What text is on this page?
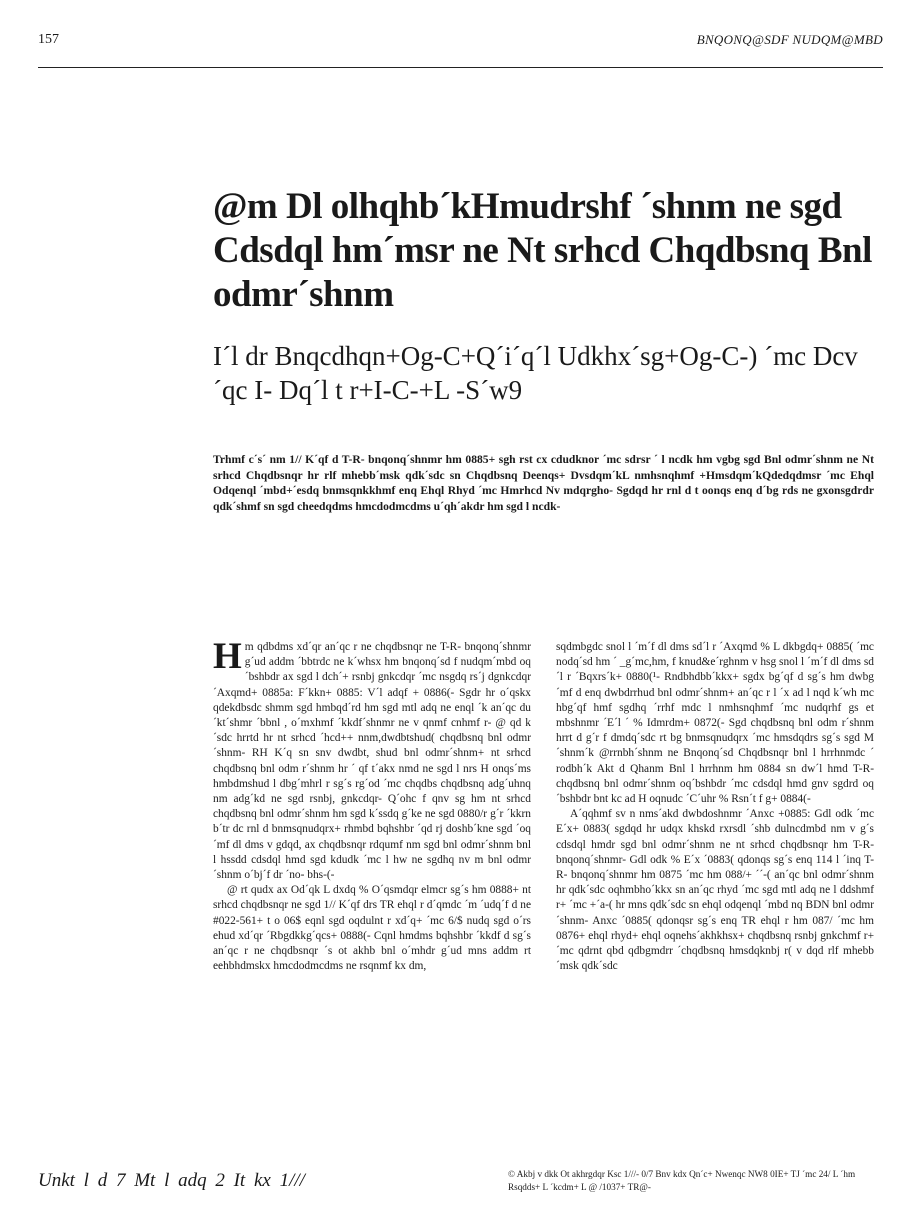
157	BNQONQ@SDF NUDQM@MBD
@m Dl olhqhb´kHmudrshf ´shnm ne sgd Cdsdql hm´msr ne Nt srhcd Chqdbsnq Bnl odmr´shnm
I´l dr Bnqcdhqn+Og-C+Q´i´q´l Udkhx´sg+Og-C-) ´mc Dcv´qc I- Dq´l t r+I-C-+L -S´w9

Trhmf c´s´ nm 1// K´qf d T-R- bnqonq´shnmr hm 0885+ sgh rst cx cdudknor ´mc sdrsr ´ l ncdk hm vgbg sgd Bnl odmr´shnm ne Nt srhcd Chqdbsnqr hr rlf mhebb´msk qdk´sdc sn Chqdbsnq Deenqs+ Dvsdqm´kL nmhsnqhmf +Hmsdqm´kQdedqdmsr ´mc Ehql Odqenql ´mbd+´esdq bnmsqnkkhmf enq Ehql Rhyd ´mc Hmrhcd Nv mdqrgho- Sgdqd hr rnl d t oonqs enq d´bg rds ne gxonsgdrdr qdk´shmf sn sgd cheedqdms hmcdodmcdms u´qh´akdr hm sgd l ncdk-

Hm qdbdms xd´qr an´qc r ne chqdbsnqr ne T-R- bnqonq´shnmr g´ud addm ´bbtrdc ne k´whsx hm bnqonq´sd f nudqm´mbd oq´bshbdr ax sgd l dch´+ rsnbj gnkcdqr ´mc nsgdq rs´j dgnkcdqr ´Axqmd+ 0885a: F´kkn+ 0885: V´l adqf + 0886(- Sgdr hr o´qskx qdekdbsdc shmm sgd hmbqd´rd hm sgd mtl adq ne enql ´k an´qc du´kt´shmr ´bbnl , o´mxhmf ´kkdf´shnmr ne v qnmf cnhmf r- @ qd k´sdc hrrtd hr nt srhcd ´hcd++ nnm,dwdbtshud( chqdbsnq bnl odmr´shnm- RH K´q sn snv dwdbt, shud bnl odmr´shnm+ nt srhcd chqdbsnq bnl odm r´shnm hr ´ qf t´akx nmd ne sgd l nrs H onqs´ms hmbdmshud l dbg´mhrl r sg´s rg´od ´mc chqdbs chqdbsnq adg´uhnq nm adg´kd ne sgd rsnbj, gnkcdqr- Q´ohc f qnv sg hm nt srhcd chqdbsnq bnl odmr´shnm hm sgd k´ssdq g´ke ne sgd 0880/r g´r ´kkrn b´tr dc rnl d bnmsqnudqrx+ rhmbd bqhshbr ´qd rj doshb´kne sgd ´oq´mf dl dms v gdqd, ax chqdbsnqr rdqumf nm sgd bnl odmr´shnm bnl l hssdd cdsdql hmd sgd kdudk ´mc l hw ne sgdhq nv m bnl odmr´shnm o´bj´f dr ´no- bhs-(-

@ rt qudx ax Od´qk L dxdq % O´qsmdqr elmcr sg´s hm 0888+ nt srhcd chqdbsnqr ne sgd 1// K´qf drs TR ehql r d´qmdc ´m ´udq´f d ne #022-561+ t o 06$ eqnl sgd oqdulnt r xd´q+ ´mc 6/$ nudq sgd o´rs ehud xd´qr ´Rbgdkkg´qcs+ 0888(- Cqnl hmdms bqhshbr ´kkdf d sg´s an´qc r ne chqdbsnqr ´s ot akhb bnl o´mhdr g´ud mns addm rt eehbhdmskx hmcdodmcdms ne rsqnmf kx dm,

sqdmbgdc snol l ´m´f dl dms sd´l r ´Axqmd % L dkbgdq+ 0885( ´mc nodq´sd hm ´ _g´mc,hm, f knud&e´rghnm v hsg snol l ´m´f dl dms sd´l r ´Bqxrs´k+ 0880(¹- Rndbhdbb´kkx+ sgdx bg´qf d sg´s hm dwbg´mf d enq dwbdrrhud bnl odmr´shnm+ an´qc r l ´x ad l nqd k´wh mc hbg´qf hmf sgdhq ´rrhf mdc l nmhsnqhmf ´mc nudqrhf gs et mbshnmr ´E´l ´ % Idmrdm+ 0872(- Sgd chqdbsnq bnl odm r´shnm hrrt d g´r f dmdq´sdc rt bg bnmsqnudqrx ´mc hmsdqdrs sg´s sgd M´shnm´k @rrnbh´shnm ne Bnqonq´sd Chqdbsnqr bnl l hrrhnmdc ´ rodbh´k Akt d Qhanm Bnl l hrrhnm hm 0884 sn dw´l hmd T-R- chqdbsnq bnl odmr´shnm oq´bshbdr ´mc cdsdql hmd gnv sgdrd oq´bshbdr bnt kc ad H oqnudc ´C´uhr % Rsn´t f g+ 0884(-

A´qqhmf sv n nms´akd dwbdoshnmr ´Anxc +0885: Gdl odk ´mc E´x+ 0883( sgdqd hr udqx khskd rxrsdl ´shb dulncdmbd nm v g´s cdsdql hmdr sgd bnl odmr´shnm ne nt srhcd chqdbsnqr hm T-R- bnqonq´shnmr- Gdl odk % E´x ´0883( qdonqs sg´s enq 114 l ´inq T-R- bnqonq´shnmr hm 0875 ´mc hm 088/+ ´´-( an´qc bnl odmr´shnm hr qdk´sdc oqhmbho´kkx sn an´qc rhyd ´mc sgd mtl adq ne l ddshmf r+ ´mc +´a-( hr mns qdk´sdc sn ehql odqenql ´mbd nq BDN bnl odmr´shnm- Anxc ´0885( qdonqsr sg´s enq TR ehql r hm 087/ ´mc hm 0876+ ehql rhyd+ ehql oqnehs´akhkhsx+ chqdbsnq rsnbj gnkchmf r+ ´mc qdrnt qbd qdbgmdrr ´chqdbsnq hmsdqknbj r( v dqd rlf mhebb´msk qdk´sdc

Unkt l d 7 Mt l adq 2 It kx 1///	© Akbj v dkk Ot akhrgdqr Ksc 1///- 0/7 Bnv kdx Qn´c+ Nwenqc NW8 0IE+ TJ ´mc 24/ L ´hm Rsqdds+ L ´kcdm+ L @ /1037+ TR@-
